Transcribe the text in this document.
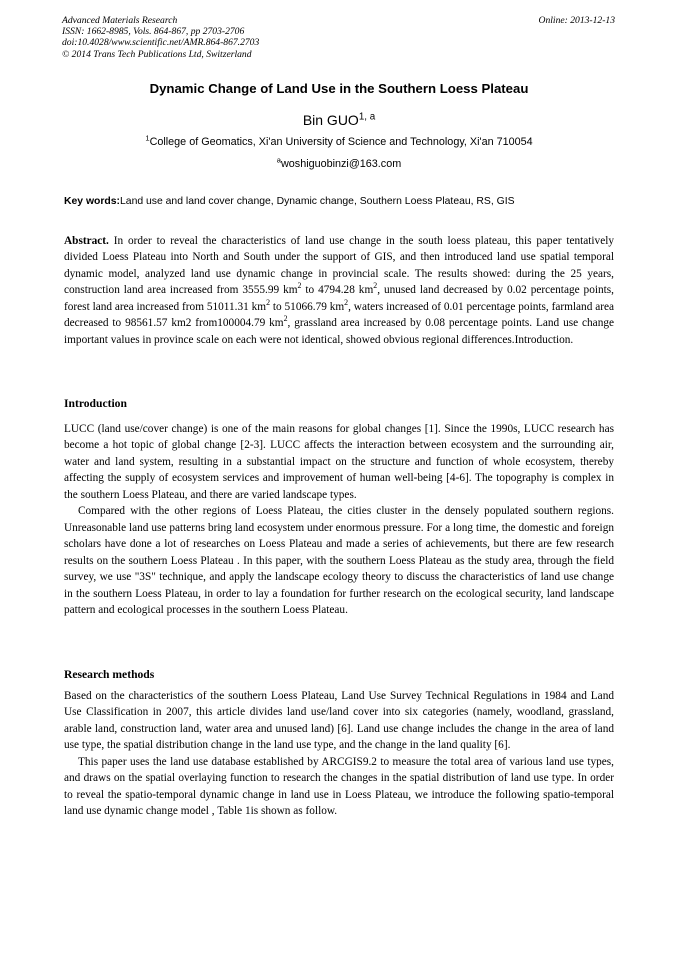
Advanced Materials Research
ISSN: 1662-8985, Vols. 864-867, pp 2703-2706
doi:10.4028/www.scientific.net/AMR.864-867.2703
© 2014 Trans Tech Publications Ltd, Switzerland
Online: 2013-12-13
Dynamic Change of Land Use in the Southern Loess Plateau
Bin GUO$^{1, a}$
$^1$College of Geomatics, Xi'an University of Science and Technology, Xi'an 710054
$^a$woshiguobinzi@163.com
Key words:Land use and land cover change, Dynamic change, Southern Loess Plateau, RS, GIS

Abstract. In order to reveal the characteristics of land use change in the south loess plateau, this paper tentatively divided Loess Plateau into North and South under the support of GIS, and then introduced land use spatial temporal dynamic model, analyzed land use dynamic change in provincial scale. The results showed: during the 25 years, construction land area increased from 3555.99 $km^2$ to 4794.28 $km^2$, unused land decreased by 0.02 percentage points, forest land area increased from 51011.31 $km^2$ to 51066.79 $km^2$, waters increased of 0.01 percentage points, farmland area decreased to 98561.57 km2 from100004.79 $km^2$, grassland area increased by 0.08 percentage points. Land use change important values in province scale on each were not identical, showed obvious regional differences.Introduction.

Introduction

LUCC (land use/cover change) is one of the main reasons for global changes [1]. Since the 1990s, LUCC research has become a hot topic of global change [2-3]. LUCC affects the interaction between ecosystem and the surrounding air, water and land system, resulting in a substantial impact on the structure and function of whole ecosystem, thereby affecting the supply of ecosystem services and improvement of human well-being [4-6]. The topography is complex in the southern Loess Plateau, and there are varied landscape types.

Compared with the other regions of Loess Plateau, the cities cluster in the densely populated southern regions. Unreasonable land use patterns bring land ecosystem under enormous pressure. For a long time, the domestic and foreign scholars have done a lot of researches on Loess Plateau and made a series of achievements, but there are few research results on the southern Loess Plateau . In this paper, with the southern Loess Plateau as the study area, through the field survey, we use "3S" technique, and apply the landscape ecology theory to discuss the characteristics of land use change in the southern Loess Plateau, in order to lay a foundation for further research on the ecological security, land landscape pattern and ecological processes in the southern Loess Plateau.

Research methods

Based on the characteristics of the southern Loess Plateau, Land Use Survey Technical Regulations in 1984 and Land Use Classification in 2007, this article divides land use/land cover into six categories (namely, woodland, grassland, arable land, construction land, water area and unused land) [6]. Land use change includes the change in the area of land use type, the spatial distribution change in the land use type, and the change in the land quality [6].

This paper uses the land use database established by ARCGIS9.2 to measure the total area of various land use types, and draws on the spatial overlaying function to research the changes in the spatial distribution of land use type. In order to reveal the spatio-temporal dynamic change in land use in Loess Plateau, we introduce the following spatio-temporal land use dynamic change model , Table 1is shown as follow.
